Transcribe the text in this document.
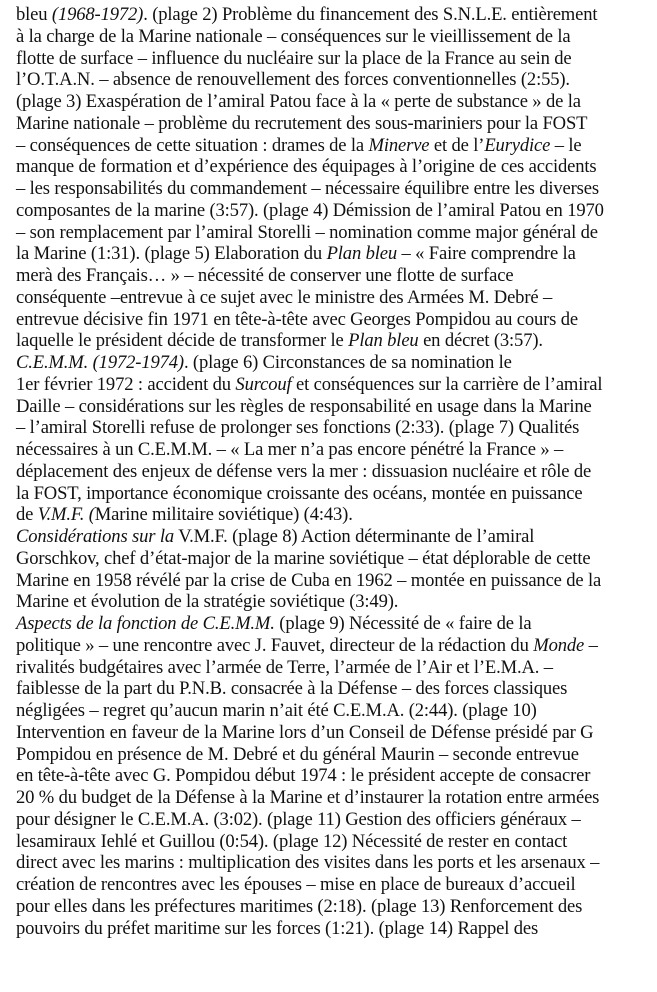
bleu (1968-1972). (plage 2) Problème du financement des S.N.L.E. entièrement
à la charge de la Marine nationale – conséquences sur le vieillissement de la
flotte de surface – influence du nucléaire sur la place de la France au sein de
l’O.T.A.N. – absence de renouvellement des forces conventionnelles (2:55).
(plage 3) Exaspération de l’amiral Patou face à la « perte de substance » de la
Marine nationale – problème du recrutement des sous-mariniers pour la FOST
– conséquences de cette situation : drames de la Minerve et de l’Eurydice – le
manque de formation et d’expérience des équipages à l’origine de ces accidents
– les responsabilités du commandement – nécessaire équilibre entre les diverses
composantes de la marine (3:57). (plage 4) Démission de l’amiral Patou en 1970
– son remplacement par l’amiral Storelli – nomination comme major général de
la Marine (1:31). (plage 5) Elaboration du Plan bleu – « Faire comprendre la
merà des Français… » – nécessité de conserver une flotte de surface
conséquente –entrevue à ce sujet avec le ministre des Armées M. Debré –
entrevue décisive fin 1971 en tête-à-tête avec Georges Pompidou au cours de
laquelle le président décide de transformer le Plan bleu en décret (3:57).
C.E.M.M. (1972-1974). (plage 6) Circonstances de sa nomination le
1er février 1972 : accident du Surcouf et conséquences sur la carrière de l’amiral
Daille – considérations sur les règles de responsabilité en usage dans la Marine
– l’amiral Storelli refuse de prolonger ses fonctions (2:33). (plage 7) Qualités
nécessaires à un C.E.M.M. – « La mer n’a pas encore pénétré la France » –
déplacement des enjeux de défense vers la mer : dissuasion nucléaire et rôle de
la FOST, importance économique croissante des océans, montée en puissance
de V.M.F. (Marine militaire soviétique) (4:43).
Considérations sur la V.M.F. (plage 8) Action déterminante de l’amiral
Gorschkov, chef d’état-major de la marine soviétique – état déplorable de cette
Marine en 1958 révélé par la crise de Cuba en 1962 – montée en puissance de la
Marine et évolution de la stratégie soviétique (3:49).
Aspects de la fonction de C.E.M.M. (plage 9) Nécessité de « faire de la
politique » – une rencontre avec J. Fauvet, directeur de la rédaction du Monde –
rivalités budgétaires avec l’armée de Terre, l’armée de l’Air et l’E.M.A. –
faiblesse de la part du P.N.B. consacrée à la Défense – des forces classiques
négligées – regret qu’aucun marin n’ait été C.E.M.A. (2:44). (plage 10)
Intervention en faveur de la Marine lors d’un Conseil de Défense présidé par G
Pompidou en présence de M. Debré et du général Maurin – seconde entrevue
en tête-à-tête avec G. Pompidou début 1974 : le président accepte de consacrer
20 % du budget de la Défense à la Marine et d’instaurer la rotation entre armées
pour désigner le C.E.M.A. (3:02). (plage 11) Gestion des officiers généraux –
lesamiraux Iehlé et Guillou (0:54). (plage 12) Nécessité de rester en contact
direct avec les marins : multiplication des visites dans les ports et les arsenaux –
création de rencontres avec les épouses – mise en place de bureaux d’accueil
pour elles dans les préfectures maritimes (2:18). (plage 13) Renforcement des
pouvoirs du préfet maritime sur les forces (1:21). (plage 14) Rappel des
